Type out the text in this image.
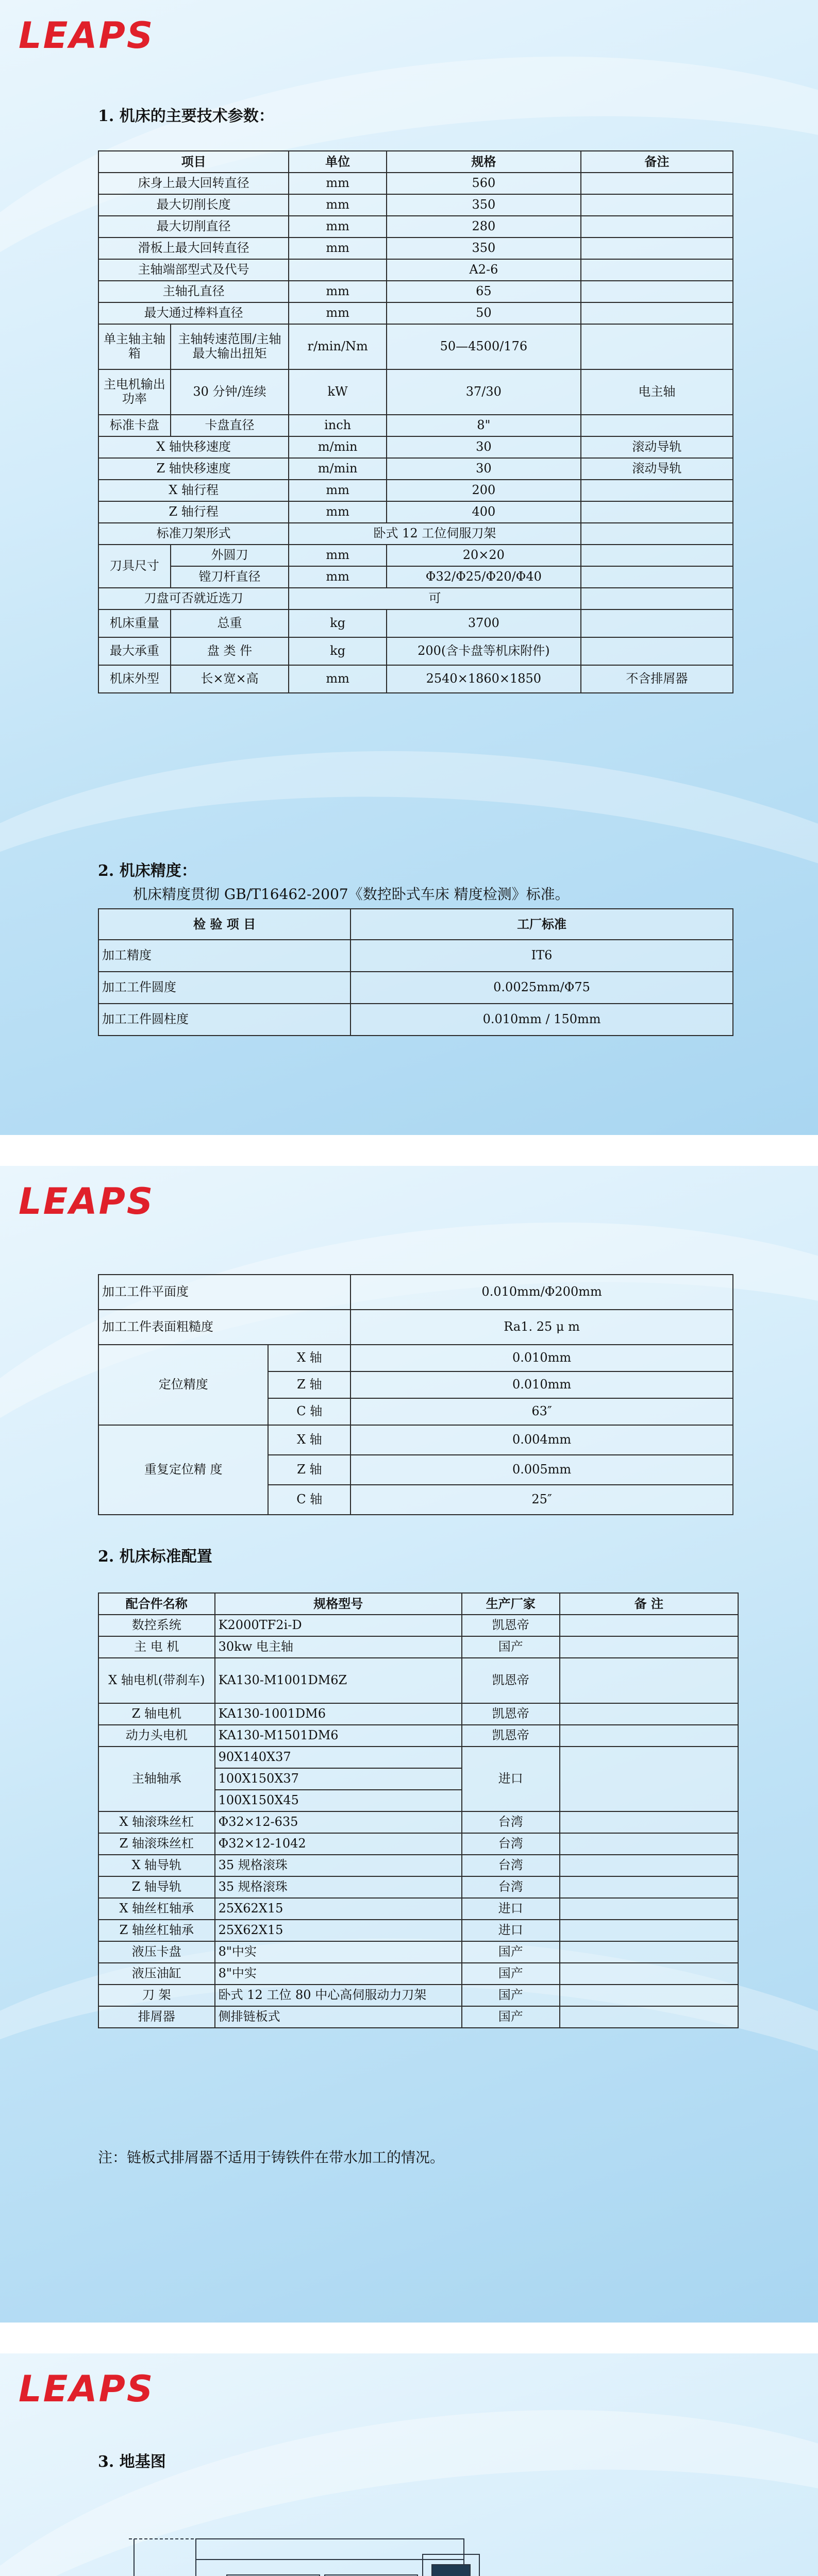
LEAPS
1. 机床的主要技术参数：
项目		单位	规格	备注
床身上最大回转直径		mm	560	
最大切削长度		mm	350	
最大切削直径		mm	280	
滑板上最大回转直径		mm	350	
主轴端部型式及代号			A2-6	
主轴孔直径		mm	65	
最大通过棒料直径		mm	50	
单主轴主轴箱	主轴转速范围/主轴最大输出扭矩	r/min/Nm	50—4500/176	
主电机输出功率	30 分钟/连续	kW	37/30	电主轴
标准卡盘	卡盘直径	inch	8"	
X 轴快移速度		m/min	30	滚动导轨
Z 轴快移速度		m/min	30	滚动导轨
X 轴行程		mm	200	
Z 轴行程		mm	400	
标准刀架形式		卧式 12 工位伺服刀架		
刀具尺寸	外圆刀	mm	20×20	
	镗刀杆直径	mm	Φ32/Φ25/Φ20/Φ40	
刀盘可否就近选刀		可		
机床重量	总重	kg	3700	
最大承重	盘 类 件	kg	200(含卡盘等机床附件)	
机床外型	长×宽×高	mm	2540×1860×1850	不含排屑器
2. 机床精度：
机床精度贯彻 GB/T16462-2007《数控卧式车床 精度检测》标准。
检 验 项 目	工厂标准
加工精度	IT6
加工工件圆度	0.0025mm/Φ75
加工工件圆柱度	0.010mm / 150mm
LEAPS
加工工件平面度		0.010mm/Φ200mm
加工工件表面粗糙度		Ra1. 25 μ m
定位精度	X 轴	0.010mm
	Z 轴	0.010mm
	C 轴	63″
重复定位精 度	X 轴	0.004mm
	Z 轴	0.005mm
	C 轴	25″
2. 机床标准配置
配合件名称	规格型号	生产厂家	备 注
数控系统	K2000TF2i-D	凯恩帝	
主 电 机	30kw 电主轴	国产	
X 轴电机(带刹车)	KA130-M1001DM6Z	凯恩帝	
Z 轴电机	KA130-1001DM6	凯恩帝	
动力头电机	KA130-M1501DM6	凯恩帝	
主轴轴承	90X140X37	进口	
	100X150X37		
	100X150X45		
X 轴滚珠丝杠	Φ32×12-635	台湾	
Z 轴滚珠丝杠	Φ32×12-1042	台湾	
X 轴导轨	35 规格滚珠	台湾	
Z 轴导轨	35 规格滚珠	台湾	
X 轴丝杠轴承	25X62X15	进口	
Z 轴丝杠轴承	25X62X15	进口	
液压卡盘	8"中实	国产	
液压油缸	8"中实	国产	
刀 架	卧式 12 工位 80 中心高伺服动力刀架	国产	
排屑器	侧排链板式	国产	
注：链板式排屑器不适用于铸铁件在带水加工的情况。
LEAPS
3. 地基图
